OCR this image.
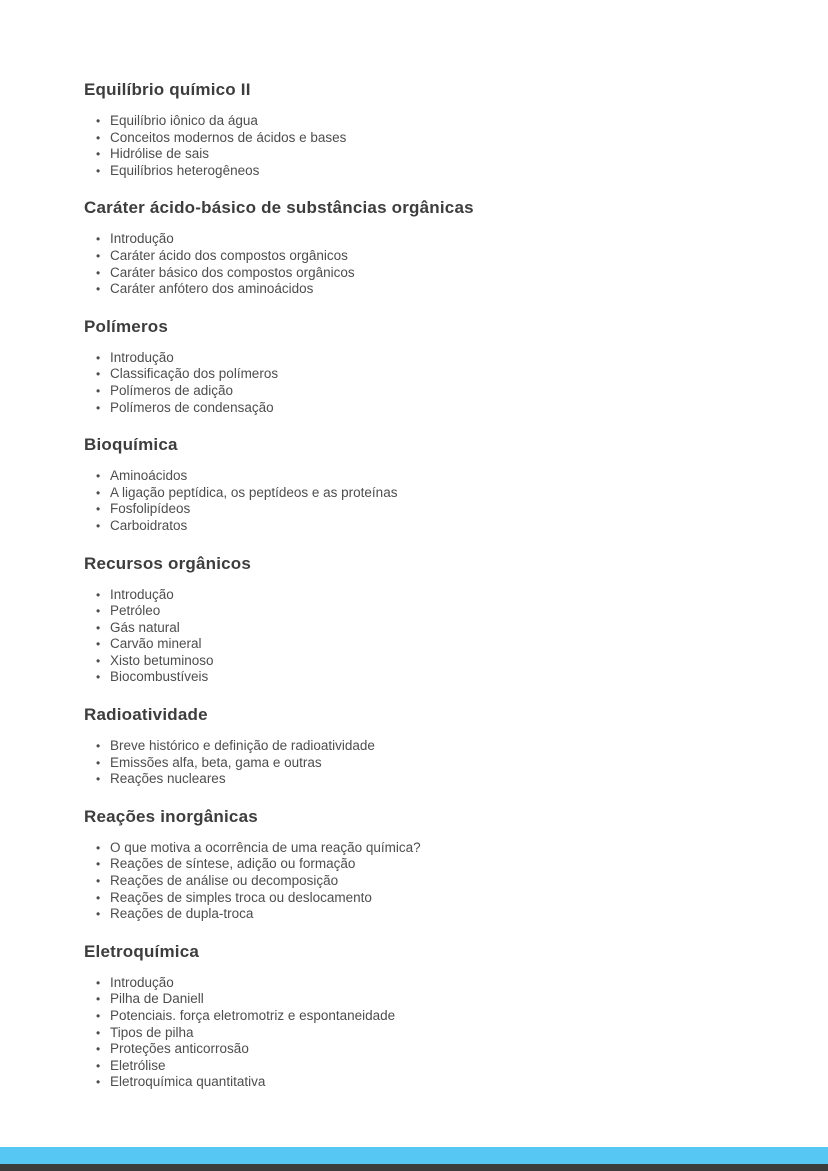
Equilíbrio químico II
• Equilíbrio iônico da água
• Conceitos modernos de ácidos e bases
• Hidrólise de sais
• Equilíbrios heterogêneos
Caráter ácido-básico de substâncias orgânicas
• Introdução
• Caráter ácido dos compostos orgânicos
• Caráter básico dos compostos orgânicos
• Caráter anfótero dos aminoácidos
Polímeros
• Introdução
• Classificação dos polímeros
• Polímeros de adição
• Polímeros de condensação
Bioquímica
• Aminoácidos
• A ligação peptídica, os peptídeos e as proteínas
• Fosfolipídeos
• Carboidratos
Recursos orgânicos
• Introdução
• Petróleo
• Gás natural
• Carvão mineral
• Xisto betuminoso
• Biocombustíveis
Radioatividade
• Breve histórico e definição de radioatividade
• Emissões alfa, beta, gama e outras
• Reações nucleares
Reações inorgânicas
• O que motiva a ocorrência de uma reação química?
• Reações de síntese, adição ou formação
• Reações de análise ou decomposição
• Reações de simples troca ou deslocamento
• Reações de dupla-troca
Eletroquímica
• Introdução
• Pilha de Daniell
• Potenciais. força eletromotriz e espontaneidade
• Tipos de pilha
• Proteções anticorrosão
• Eletrólise
• Eletroquímica quantitativa
